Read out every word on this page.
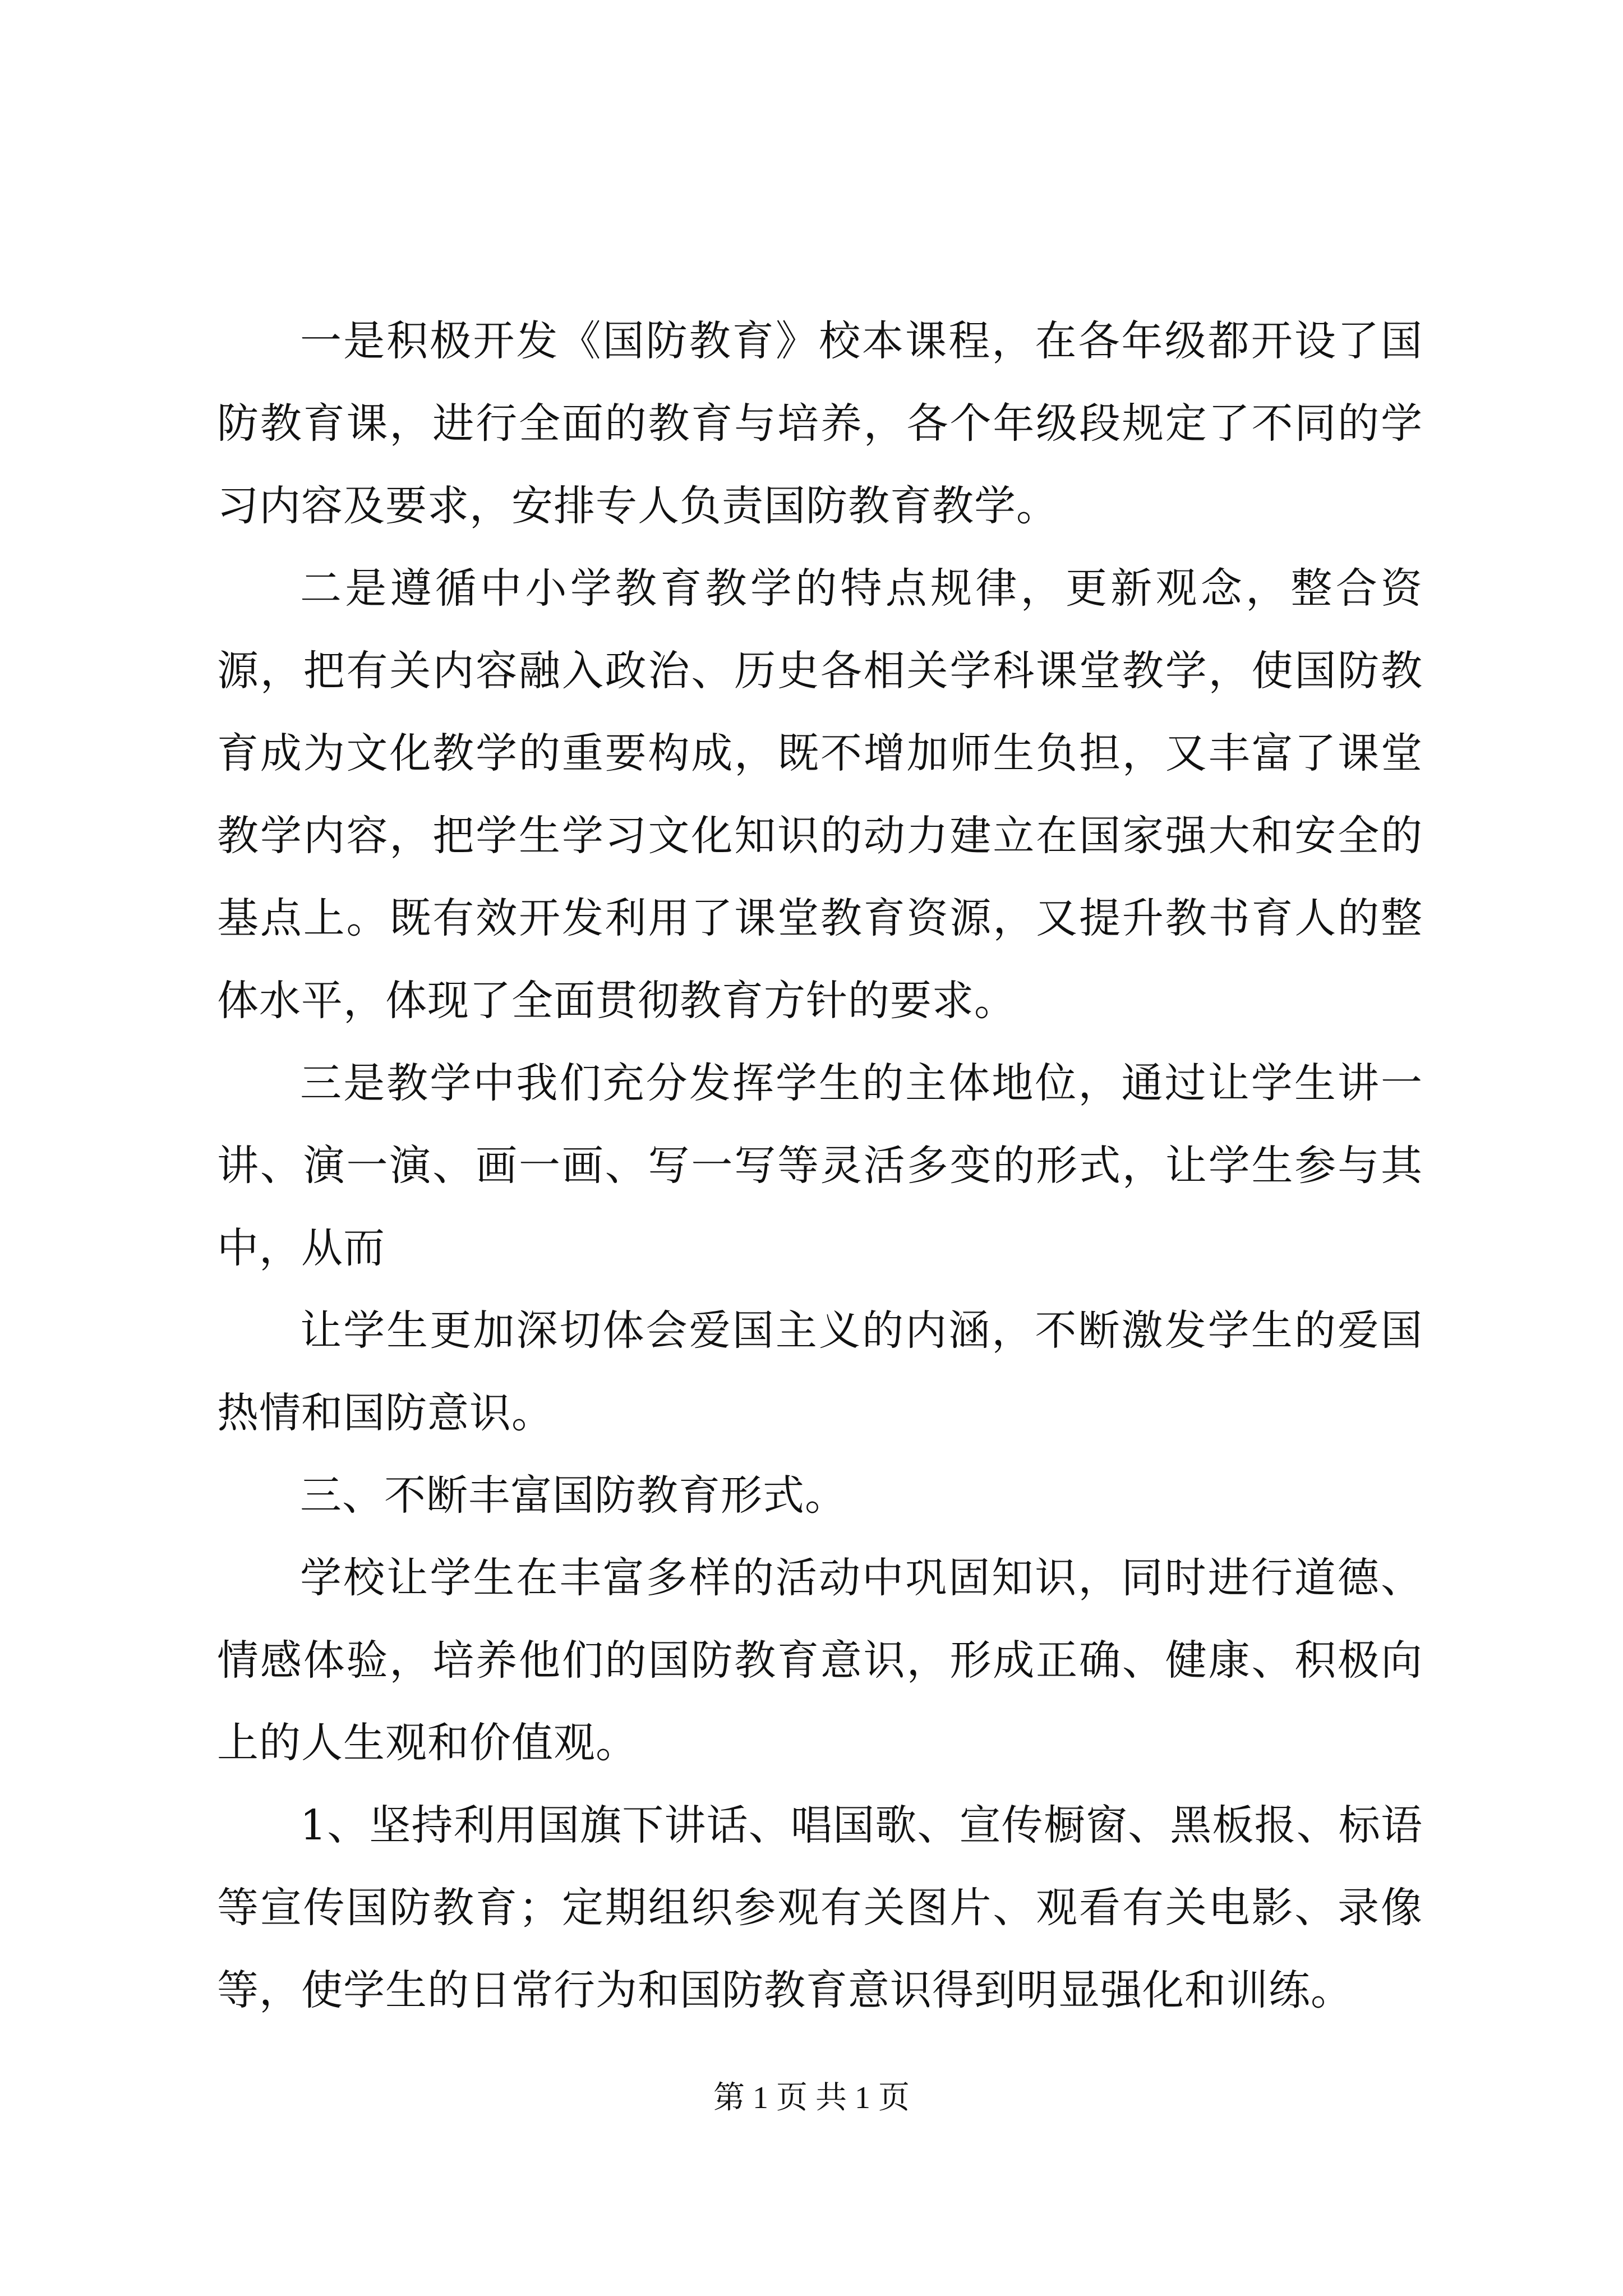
一是积极开发《国防教育》校本课程，在各年级都开设了国防教育课，进行全面的教育与培养，各个年级段规定了不同的学习内容及要求，安排专人负责国防教育教学。

二是遵循中小学教育教学的特点规律，更新观念，整合资源，把有关内容融入政治、历史各相关学科课堂教学，使国防教育成为文化教学的重要构成，既不增加师生负担，又丰富了课堂教学内容，把学生学习文化知识的动力建立在国家强大和安全的基点上。既有效开发利用了课堂教育资源，又提升教书育人的整体水平，体现了全面贯彻教育方针的要求。

三是教学中我们充分发挥学生的主体地位，通过让学生讲一讲、演一演、画一画、写一写等灵活多变的形式，让学生参与其中，从而

让学生更加深切体会爱国主义的内涵，不断激发学生的爱国热情和国防意识。

三、不断丰富国防教育形式。

学校让学生在丰富多样的活动中巩固知识，同时进行道德、情感体验，培养他们的国防教育意识，形成正确、健康、积极向上的人生观和价值观。

1、坚持利用国旗下讲话、唱国歌、宣传橱窗、黑板报、标语等宣传国防教育；定期组织参观有关图片、观看有关电影、录像等，使学生的日常行为和国防教育意识得到明显强化和训练。

第 1 页 共 1 页
